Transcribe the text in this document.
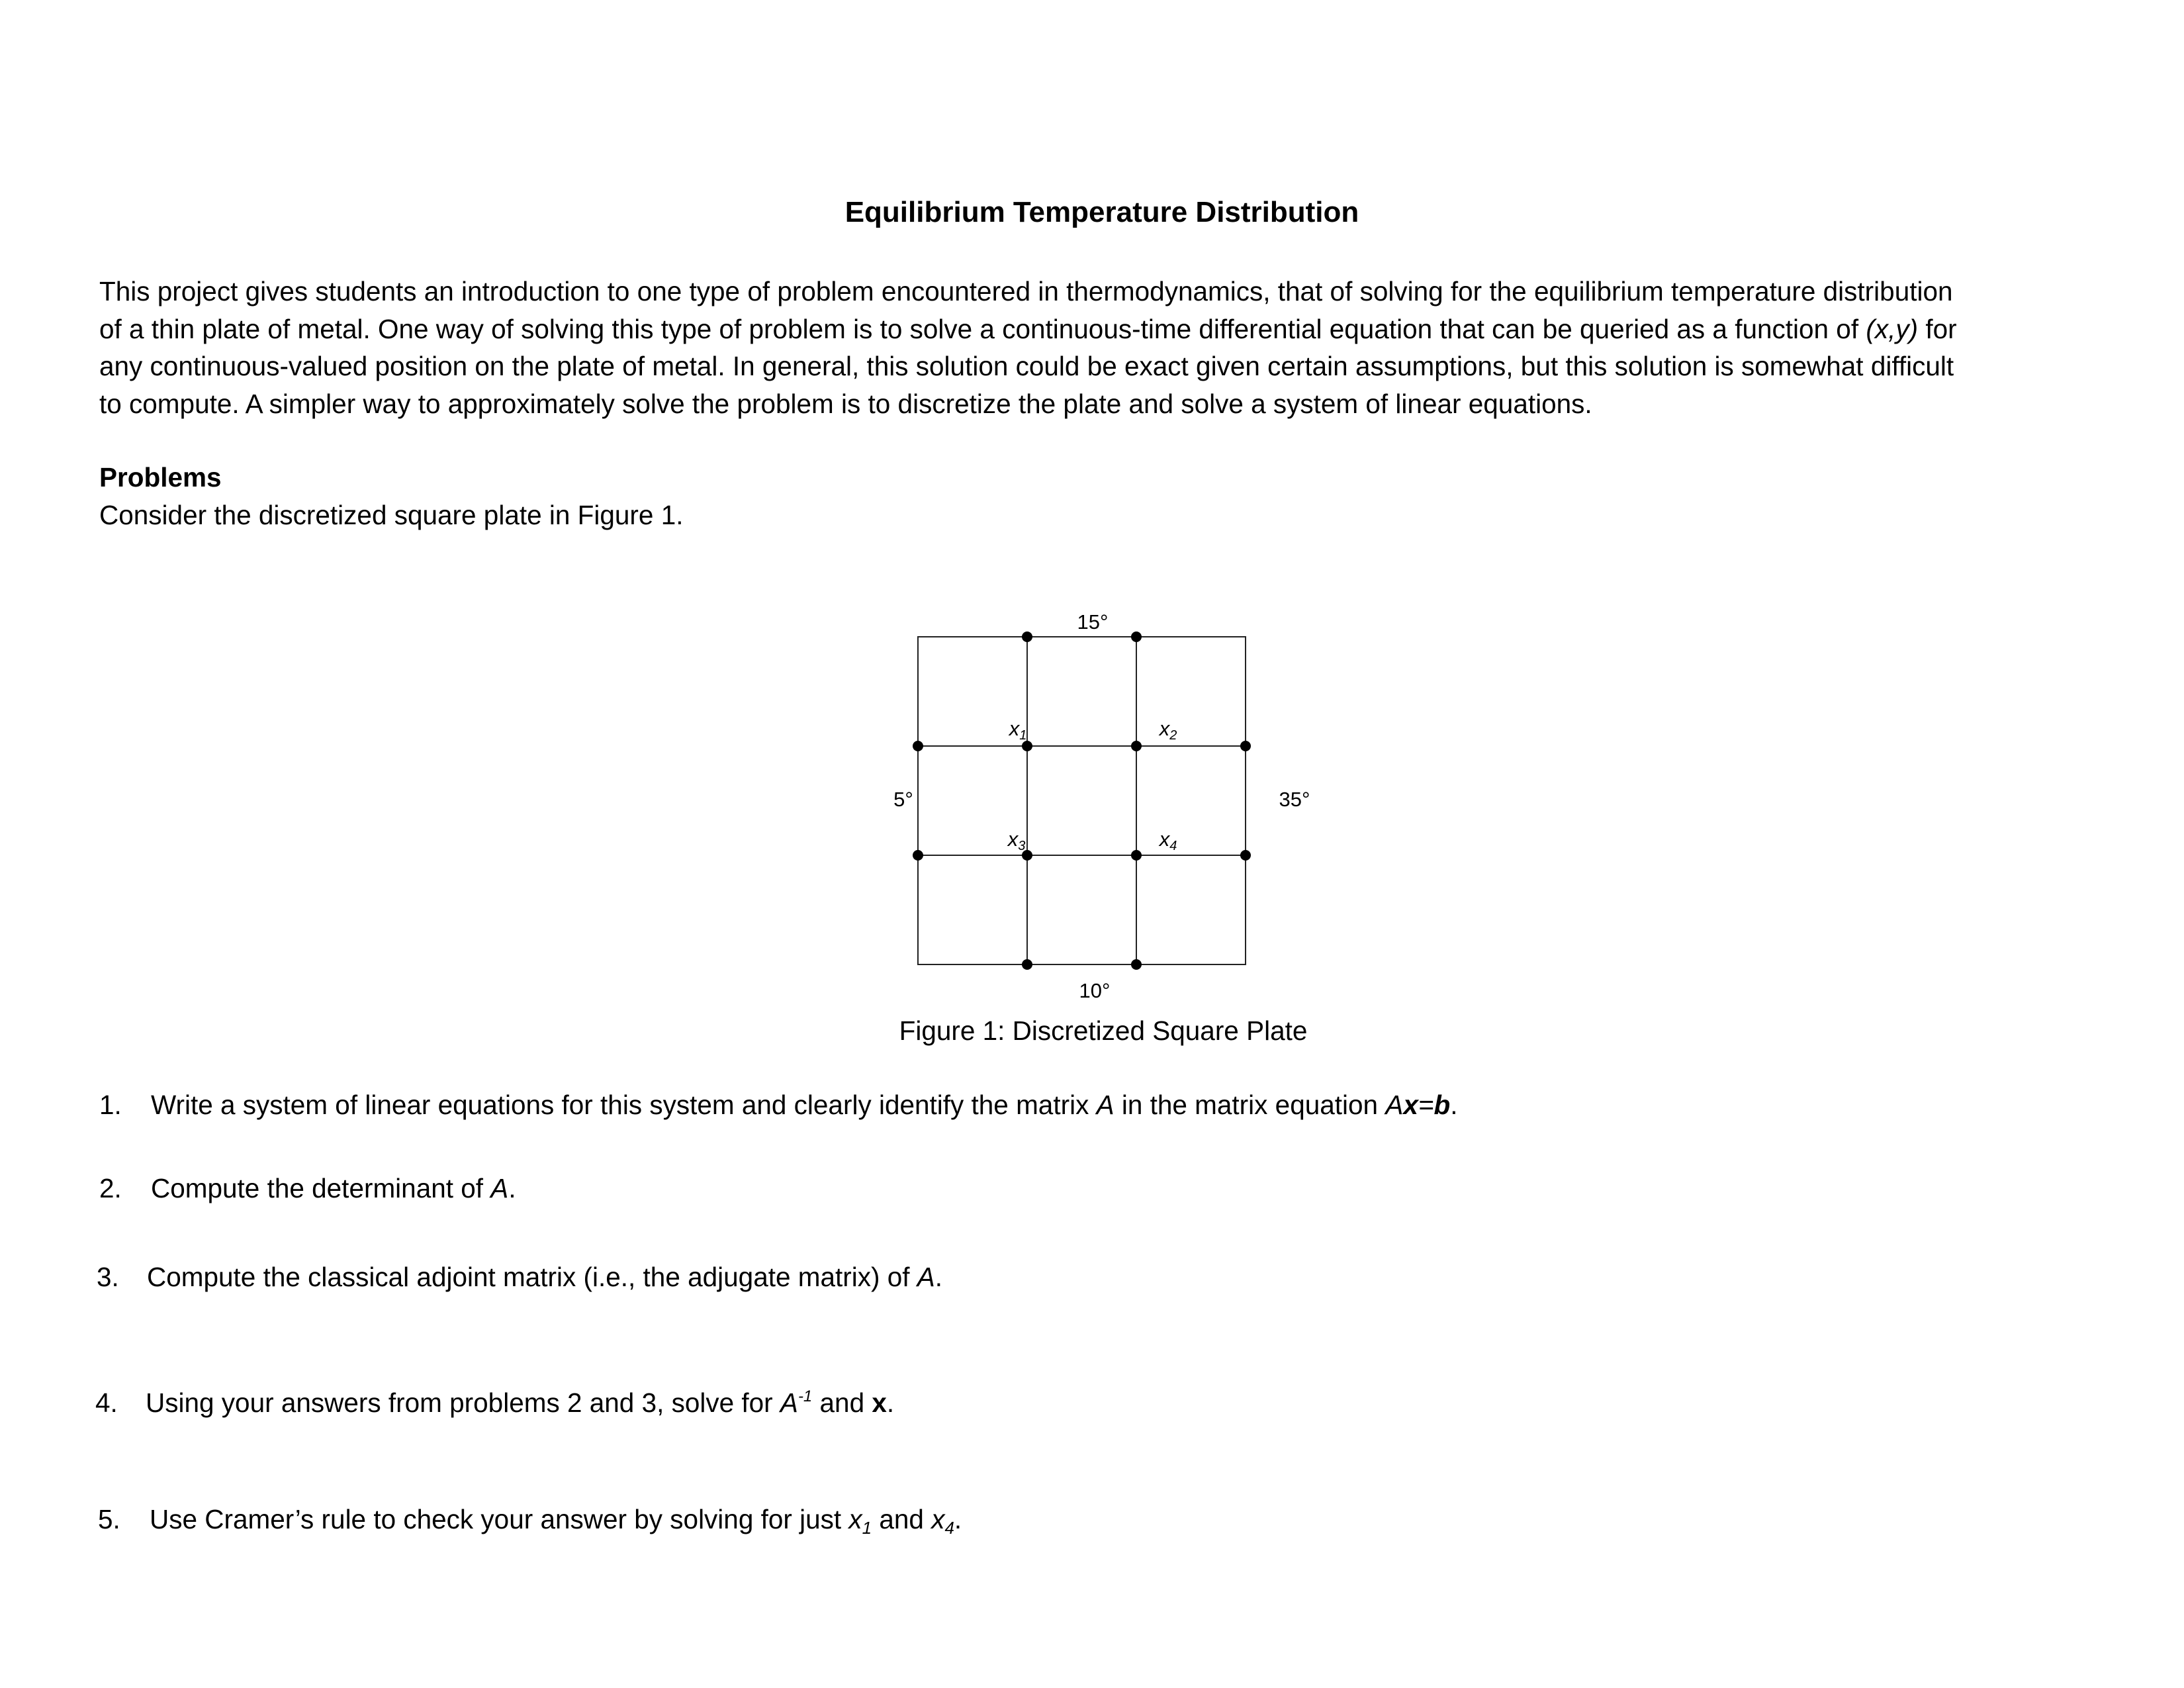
Equilibrium Temperature Distribution
This project gives students an introduction to one type of problem encountered in thermodynamics, that of solving for the equilibrium temperature distribution
of a thin plate of metal. One way of solving this type of problem is to solve a continuous-time differential equation that can be queried as a function of (x,y) for
any continuous-valued position on the plate of metal. In general, this solution could be exact given certain assumptions, but this solution is somewhat difficult
to compute. A simpler way to approximately solve the problem is to discretize the plate and solve a system of linear equations.
Problems
Consider the discretized square plate in Figure 1.
15°
5°	35°
10°
$x_1$	$x_2$
$x_3$	$x_4$
Figure 1: Discretized Square Plate
1. Write a system of linear equations for this system and clearly identify the matrix A in the matrix equation Ax=b.
2. Compute the determinant of A.
3. Compute the classical adjoint matrix (i.e., the adjugate matrix) of A.
4. Using your answers from problems 2 and 3, solve for $A^{-1}$ and x.
5. Use Cramer’s rule to check your answer by solving for just $x_1$ and $x_4$.
